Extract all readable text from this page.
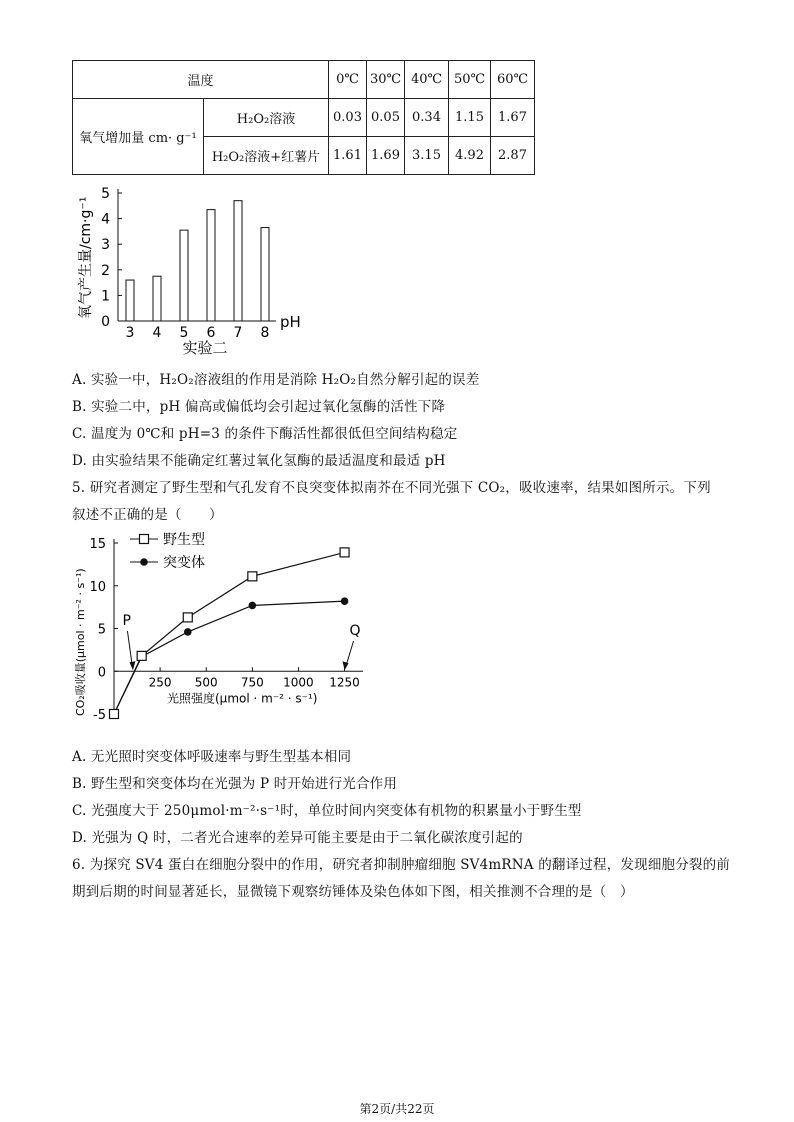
温度		0℃	30℃	40℃	50℃	60℃
氧气增加量 cm· g⁻¹	H₂O₂溶液	0.03	0.05	0.34	1.15	1.67
	H₂O₂溶液+红薯片	1.61	1.69	3.15	4.92	2.87
0
1
2
3
4
5
3 4 5 6 7 8
pH
实验二
氧气产生量/cm·g⁻¹
A. 实验一中，H₂O₂溶液组的作用是消除 H₂O₂自然分解引起的误差
B. 实验二中，pH 偏高或偏低均会引起过氧化氢酶的活性下降
C. 温度为 0℃和 pH=3 的条件下酶活性都很低但空间结构稳定
D. 由实验结果不能确定红薯过氧化氢酶的最适温度和最适 pH
5. 研究者测定了野生型和气孔发育不良突变体拟南芥在不同光强下 CO₂，吸收速率，结果如图所示。下列
叙述不正确的是（　　）
-5
0
5
10
15
250 500 750 1000 1250
光照强度(μmol · m⁻² · s⁻¹)
CO₂吸收量(μmol · m⁻² · s⁻¹)
野生型
突变体
P
Q
A. 无光照时突变体呼吸速率与野生型基本相同
B. 野生型和突变体均在光强为 P 时开始进行光合作用
C. 光强度大于 250μmol·m⁻²·s⁻¹时，单位时间内突变体有机物的积累量小于野生型
D. 光强为 Q 时，二者光合速率的差异可能主要是由于二氧化碳浓度引起的
6. 为探究 SV4 蛋白在细胞分裂中的作用，研究者抑制肿瘤细胞 SV4mRNA 的翻译过程，发现细胞分裂的前
期到后期的时间显著延长，显微镜下观察纺锤体及染色体如下图，相关推测不合理的是（　）
第2页/共22页
